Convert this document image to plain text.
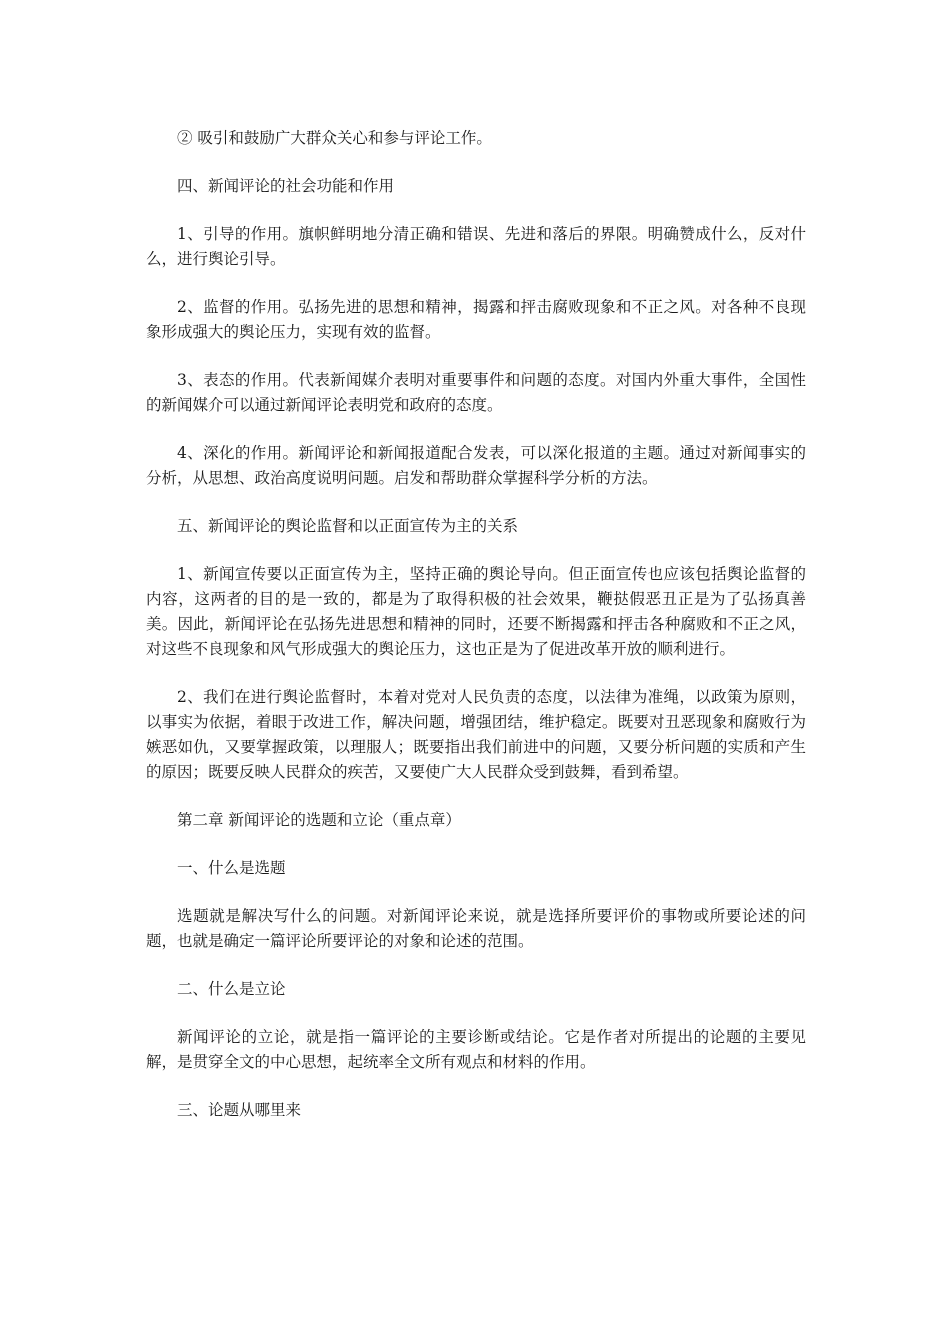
② 吸引和鼓励广大群众关心和参与评论工作。

四、新闻评论的社会功能和作用

1、引导的作用。旗帜鲜明地分清正确和错误、先进和落后的界限。明确赞成什么，反对什么，进行舆论引导。

2、监督的作用。弘扬先进的思想和精神，揭露和抨击腐败现象和不正之风。对各种不良现象形成强大的舆论压力，实现有效的监督。

3、表态的作用。代表新闻媒介表明对重要事件和问题的态度。对国内外重大事件，全国性的新闻媒介可以通过新闻评论表明党和政府的态度。

4、深化的作用。新闻评论和新闻报道配合发表，可以深化报道的主题。通过对新闻事实的分析，从思想、政治高度说明问题。启发和帮助群众掌握科学分析的方法。

五、新闻评论的舆论监督和以正面宣传为主的关系

1、新闻宣传要以正面宣传为主，坚持正确的舆论导向。但正面宣传也应该包括舆论监督的内容，这两者的目的是一致的，都是为了取得积极的社会效果，鞭挞假恶丑正是为了弘扬真善美。因此，新闻评论在弘扬先进思想和精神的同时，还要不断揭露和抨击各种腐败和不正之风，对这些不良现象和风气形成强大的舆论压力，这也正是为了促进改革开放的顺利进行。

2、我们在进行舆论监督时，本着对党对人民负责的态度，以法律为准绳，以政策为原则，以事实为依据，着眼于改进工作，解决问题，增强团结，维护稳定。既要对丑恶现象和腐败行为嫉恶如仇，又要掌握政策，以理服人；既要指出我们前进中的问题，又要分析问题的实质和产生的原因；既要反映人民群众的疾苦，又要使广大人民群众受到鼓舞，看到希望。

第二章 新闻评论的选题和立论（重点章）

一、什么是选题

选题就是解决写什么的问题。对新闻评论来说，就是选择所要评价的事物或所要论述的问题，也就是确定一篇评论所要评论的对象和论述的范围。

二、什么是立论

新闻评论的立论，就是指一篇评论的主要诊断或结论。它是作者对所提出的论题的主要见解，是贯穿全文的中心思想，起统率全文所有观点和材料的作用。

三、论题从哪里来
